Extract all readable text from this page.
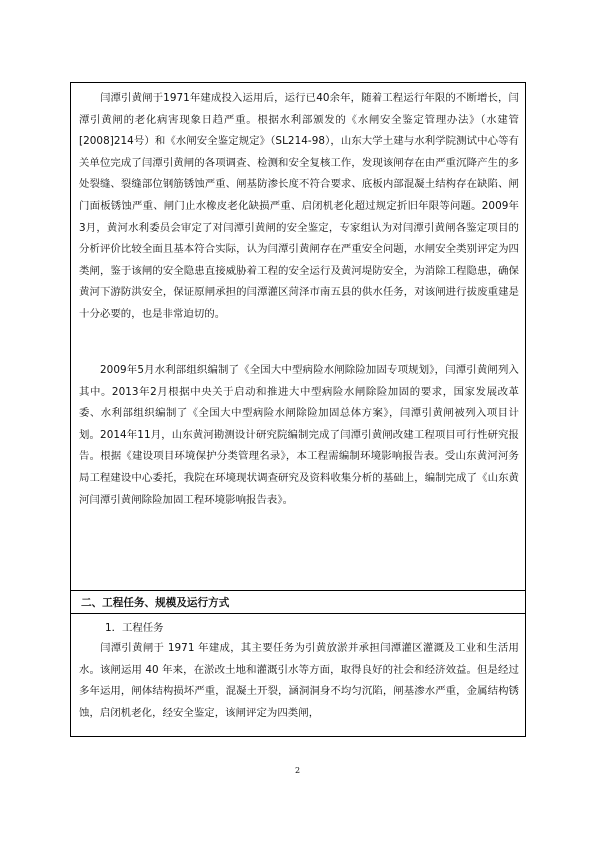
闫潭引黄闸于1971年建成投入运用后，运行已40余年，随着工程运行年限的不断增长，闫潭引黄闸的老化病害现象日趋严重。根据水利部颁发的《水闸安全鉴定管理办法》（水建管[2008]214号）和《水闸安全鉴定规定》（SL214-98），山东大学土建与水利学院测试中心等有关单位完成了闫潭引黄闸的各项调查、检测和安全复核工作，发现该闸存在由严重沉降产生的多处裂缝、裂缝部位钢筋锈蚀严重、闸基防渗长度不符合要求、底板内部混凝土结构存在缺陷、闸门面板锈蚀严重、闸门止水橡皮老化缺损严重、启闭机老化超过规定折旧年限等问题。2009年3月，黄河水利委员会审定了对闫潭引黄闸的安全鉴定，专家组认为对闫潭引黄闸各鉴定项目的分析评价比较全面且基本符合实际，认为闫潭引黄闸存在严重安全问题，水闸安全类别评定为四类闸，鉴于该闸的安全隐患直接威胁着工程的安全运行及黄河堤防安全，为消除工程隐患，确保黄河下游防洪安全，保证原闸承担的闫潭灌区菏泽市南五县的供水任务，对该闸进行拔废重建是十分必要的，也是非常迫切的。

2009年5月水利部组织编制了《全国大中型病险水闸除险加固专项规划》，闫潭引黄闸列入其中。2013年2月根据中央关于启动和推进大中型病险水闸除险加固的要求，国家发展改革委、水利部组织编制了《全国大中型病险水闸除险加固总体方案》，闫潭引黄闸被列入项目计划。2014年11月，山东黄河勘测设计研究院编制完成了闫潭引黄闸改建工程项目可行性研究报告。根据《建设项目环境保护分类管理名录》，本工程需编制环境影响报告表。受山东黄河河务局工程建设中心委托，我院在环境现状调查研究及资料收集分析的基础上，编制完成了《山东黄河闫潭引黄闸除险加固工程环境影响报告表》。

二、工程任务、规模及运行方式

1．工程任务

闫潭引黄闸于 1971 年建成，其主要任务为引黄放淤并承担闫潭灌区灌溉及工业和生活用水。该闸运用 40 年来，在淤改土地和灌溉引水等方面，取得良好的社会和经济效益。但是经过多年运用，闸体结构损坏严重，混凝土开裂，涵洞洞身不均匀沉陷，闸基渗水严重，金属结构锈蚀，启闭机老化，经安全鉴定，该闸评定为四类闸，

2
